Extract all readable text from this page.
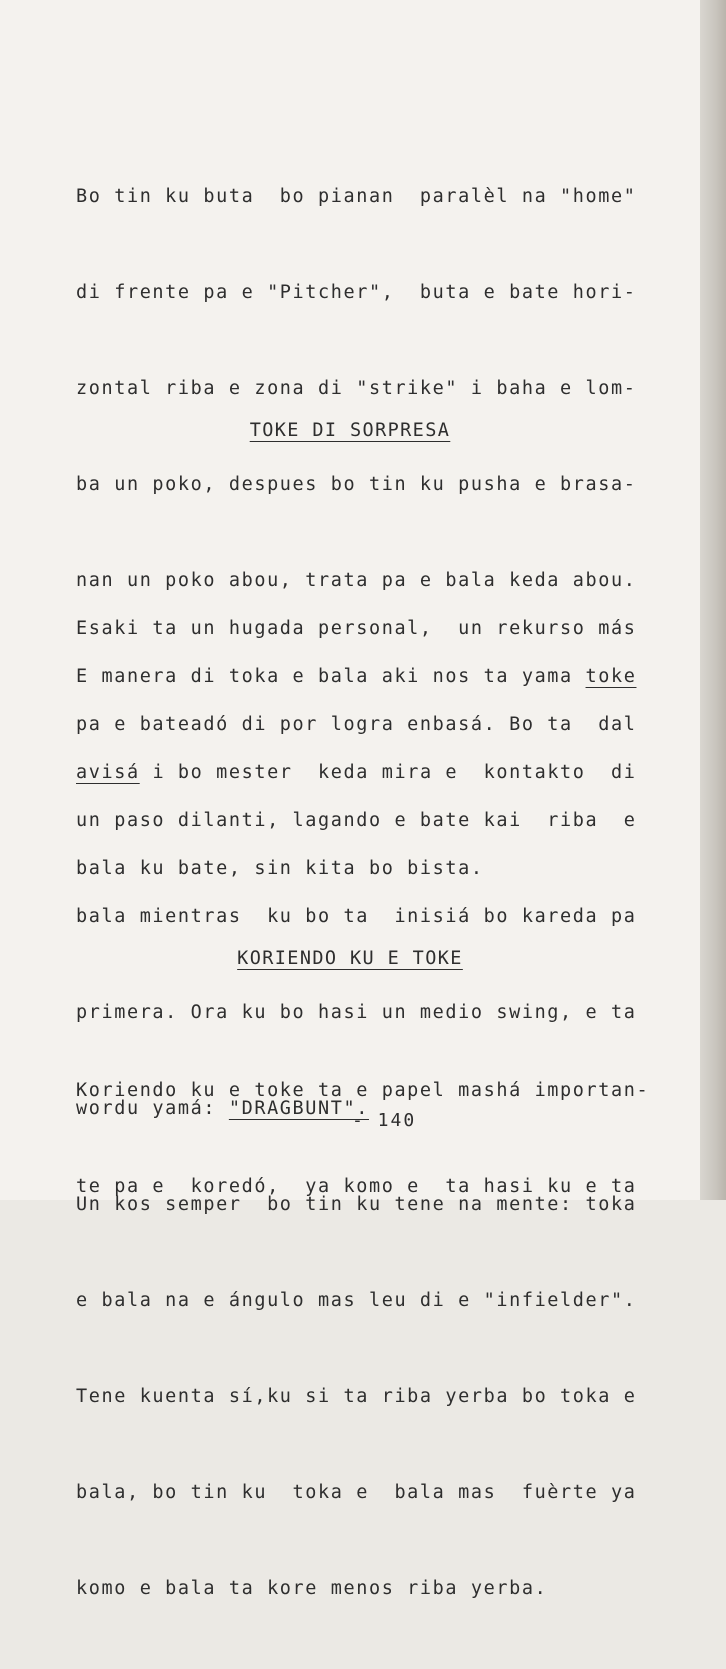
Bo tin ku buta  bo pianan  paralèl na "home"

di frente pa e "Pitcher",  buta e bate hori-

zontal riba e zona di "strike" i baha e lom-

ba un poko, despues bo tin ku pusha e brasa-

nan un poko abou, trata pa e bala keda abou.

E manera di toka e bala aki nos ta yama toke

avisá i bo mester  keda mira e  kontakto  di

bala ku bate, sin kita bo bista.

TOKE DI SORPRESA

Esaki ta un hugada personal,  un rekurso más

pa e bateadó di por logra enbasá. Bo ta  dal

un paso dilanti, lagando e bate kai  riba  e

bala mientras  ku bo ta  inisiá bo kareda pa

primera. Ora ku bo hasi un medio swing, e ta

wordu yamá: "DRAGBUNT".

Un kos semper  bo tin ku tene na mente: toka

e bala na e ángulo mas leu di e "infielder".

Tene kuenta sí,ku si ta riba yerba bo toka e

bala, bo tin ku  toka e  bala mas  fuèrte ya

komo e bala ta kore menos riba yerba.

KORIENDO KU E TOKE

Koriendo ku e toke ta e papel mashá importan-

te pa e  koredó,  ya komo e  ta hasi ku e ta

- 140
